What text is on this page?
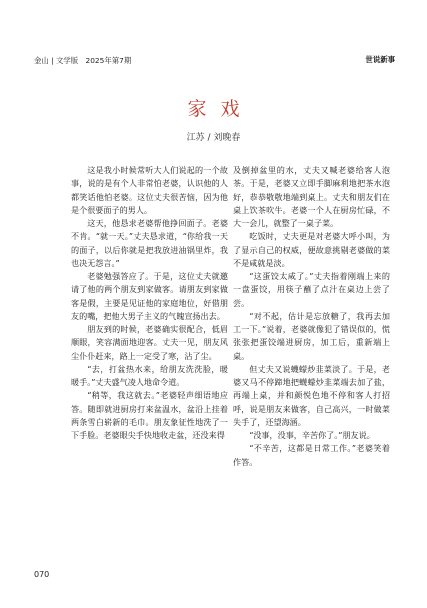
金山 | 文学版　2025年第7期	世说新事
家戏
江苏 / 刘晚春

这是我小时候常听大人们说起的一个故事，说的是有个人非常怕老婆，认识他的人都笑话他怕老婆。这位丈夫很苦恼，因为他是个很要面子的男人。

这天，他恳求老婆帮他挣回面子。老婆不肯。“就一天。”丈夫恳求道，“你给我一天的面子，以后你就是把我放进油锅里炸，我也决无怨言。”

老婆勉强答应了。于是，这位丈夫就邀请了他的两个朋友到家做客。请朋友到家做客是假，主要是见证他的家庭地位，好借朋友的嘴，把他大男子主义的气魄宣扬出去。

朋友到的时候，老婆确实很配合，低眉顺眼，笑容满面地迎客。丈夫一见，朋友风尘仆仆赶来，路上一定受了寒，沾了尘。

“去，打盆热水来，给朋友洗洗脸，暖暖手。”丈夫盛气凌人地命令道。

“稍等，我这就去。”老婆轻声细语地应答。随即就进厨房打来盆温水，盆沿上挂着两条雪白崭新的毛巾。朋友象征性地洗了一下手脸。老婆眼尖手快地收走盆，还没来得

及倒掉盆里的水，丈夫又喊老婆给客人泡茶。于是，老婆又立即手脚麻利地把茶水泡好，恭恭敬敬地端到桌上。丈夫和朋友们在桌上饮茶吹牛。老婆一个人在厨房忙碌，不大一会儿，就整了一桌子菜。

吃饭时，丈夫更是对老婆大呼小叫，为了显示自己的权威，便故意挑剔老婆做的菜不是咸就是淡。

“这蛋饺太咸了。”丈夫指着刚端上来的一盘蛋饺，用筷子蘸了点汁在桌边上尝了尝。

“对不起，估计是忘放糖了，我再去加工一下。”说着，老婆就像犯了错误似的，慌张张把蛋饺端进厨房，加工后，重新端上桌。

但丈夫又说蠛蠓炒韭菜淡了。于是，老婆又马不停蹄地把蠛蠓炒韭菜端去加了盐，再端上桌，并和颜悦色地不停和客人打招呼，说是朋友来做客，自己高兴，一时做菜失手了，还望海涵。

“没事，没事，辛苦你了。”朋友说。

“不辛苦，这都是日常工作。”老婆笑着作答。

070
